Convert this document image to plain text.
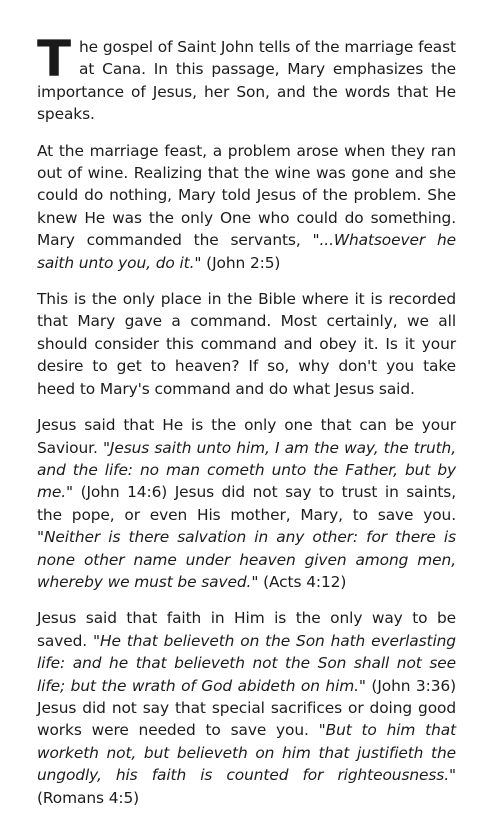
The gospel of Saint John tells of the marriage feast at Cana. In this passage, Mary emphasizes the importance of Jesus, her Son, and the words that He speaks.

At the marriage feast, a problem arose when they ran out of wine. Realizing that the wine was gone and she could do nothing, Mary told Jesus of the problem. She knew He was the only One who could do something. Mary commanded the servants, "...Whatsoever he saith unto you, do it." (John 2:5)

This is the only place in the Bible where it is recorded that Mary gave a command. Most certainly, we all should consider this command and obey it. Is it your desire to get to heaven? If so, why don't you take heed to Mary's command and do what Jesus said.

Jesus said that He is the only one that can be your Saviour. "Jesus saith unto him, I am the way, the truth, and the life: no man cometh unto the Father, but by me." (John 14:6) Jesus did not say to trust in saints, the pope, or even His mother, Mary, to save you. "Neither is there salvation in any other: for there is none other name under heaven given among men, whereby we must be saved." (Acts 4:12)

Jesus said that faith in Him is the only way to be saved. "He that believeth on the Son hath everlasting life: and he that believeth not the Son shall not see life; but the wrath of God abideth on him." (John 3:36) Jesus did not say that special sacrifices or doing good works were needed to save you. "But to him that worketh not, but believeth on him that justifieth the ungodly, his faith is counted for righteousness." (Romans 4:5)
